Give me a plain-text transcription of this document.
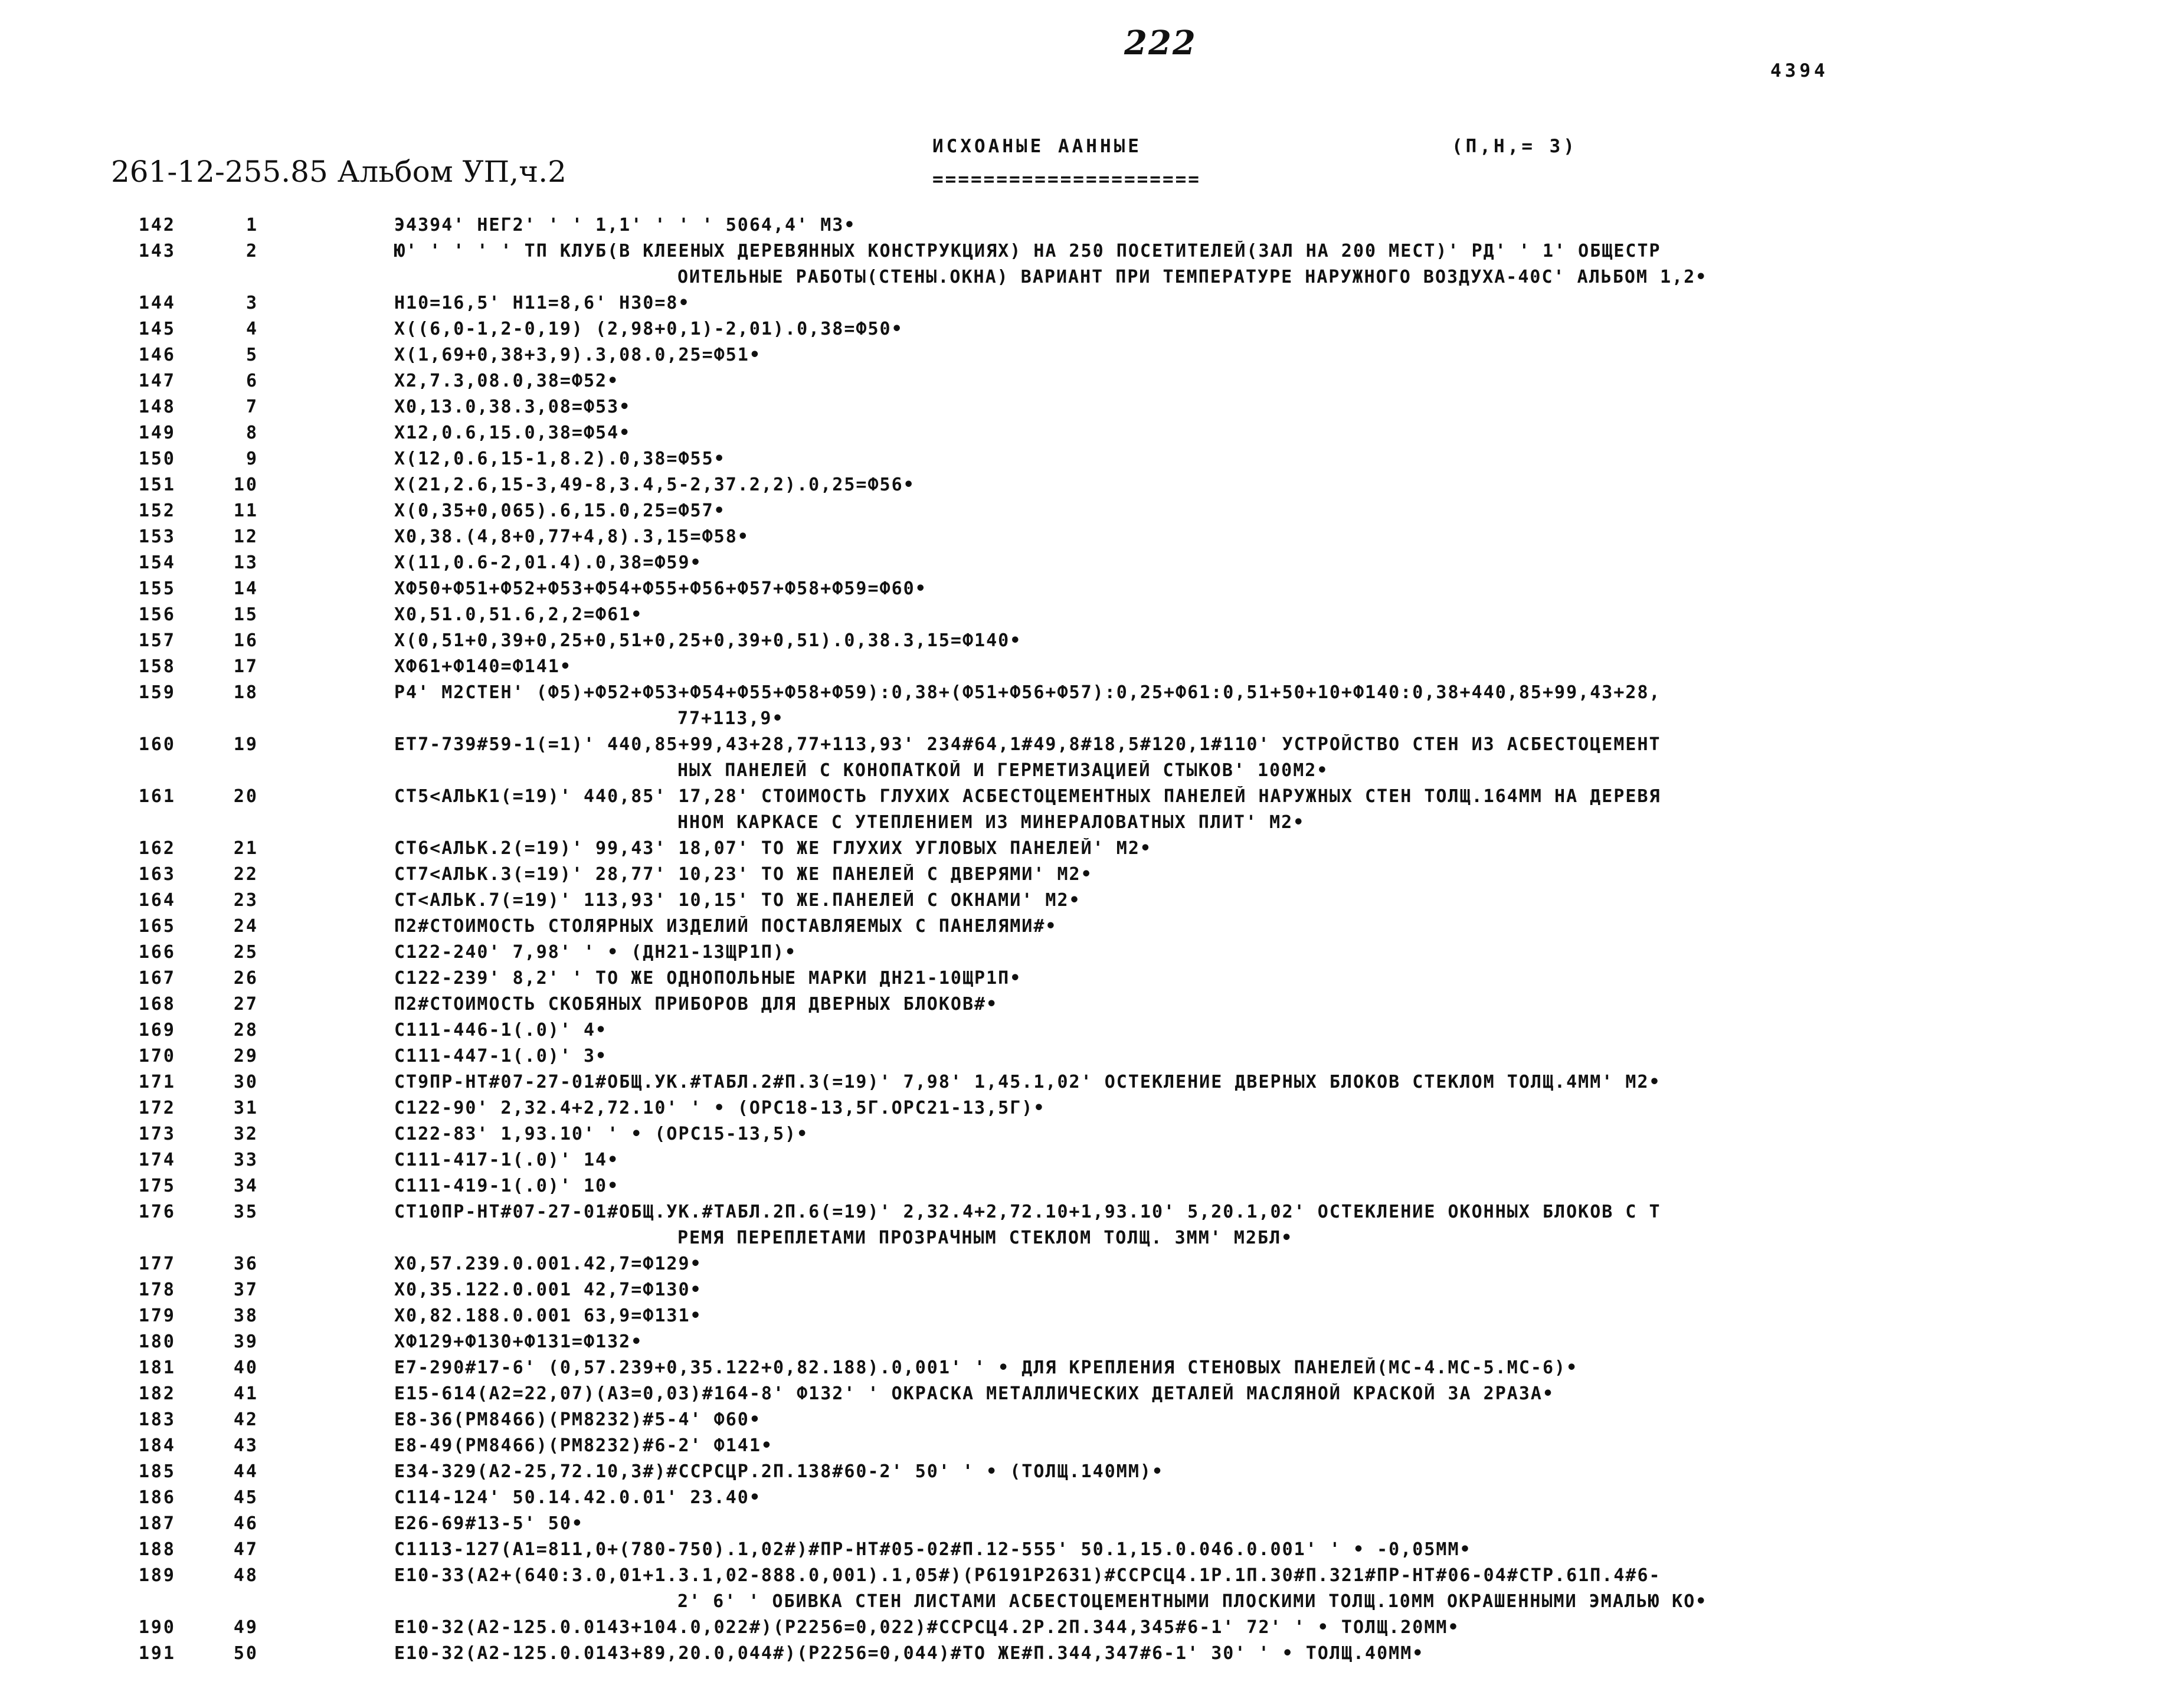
222
4394
261-12-255.85 Альбом УП,ч.2
ИСХОАНЫЕ ААННЫЕ
=====================
(П,Н,= 3)
142	1	Э4394' НЕГ2' ' ' 1,1' ' ' ' 5064,4' М3•
143	2	Ю' ' ' ' ' ТП КЛУБ(В КЛЕЕНЫХ ДЕРЕВЯННЫХ КОНСТРУКЦИЯХ) НА 250 ПОСЕТИТЕЛЕЙ(ЗАЛ НА 200 МЕСТ)' РД' ' 1' ОБЩЕСТР
ОИТЕЛЬНЫЕ РАБОТЫ(СТЕНЫ.ОКНА) ВАРИАНТ ПРИ ТЕМПЕРАТУРЕ НАРУЖНОГО ВОЗДУХА-40С' АЛЬБОМ 1,2•
144	3	Н10=16,5' Н11=8,6' Н30=8•
145	4	Х((6,0-1,2-0,19) (2,98+0,1)-2,01).0,38=Ф50•
146	5	Х(1,69+0,38+3,9).3,08.0,25=Ф51•
147	6	Х2,7.3,08.0,38=Ф52•
148	7	Х0,13.0,38.3,08=Ф53•
149	8	Х12,0.6,15.0,38=Ф54•
150	9	Х(12,0.6,15-1,8.2).0,38=Ф55•
151	10	Х(21,2.6,15-3,49-8,3.4,5-2,37.2,2).0,25=Ф56•
152	11	Х(0,35+0,065).6,15.0,25=Ф57•
153	12	Х0,38.(4,8+0,77+4,8).3,15=Ф58•
154	13	Х(11,0.6-2,01.4).0,38=Ф59•
155	14	ХФ50+Ф51+Ф52+Ф53+Ф54+Ф55+Ф56+Ф57+Ф58+Ф59=Ф60•
156	15	Х0,51.0,51.6,2,2=Ф61•
157	16	Х(0,51+0,39+0,25+0,51+0,25+0,39+0,51).0,38.3,15=Ф140•
158	17	ХФ61+Ф140=Ф141•
159	18	Р4' М2СТЕН' (Ф5)+Ф52+Ф53+Ф54+Ф55+Ф58+Ф59):0,38+(Ф51+Ф56+Ф57):0,25+Ф61:0,51+50+10+Ф140:0,38+440,85+99,43+28,
77+113,9•
160	19	ЕТ7-739#59-1(=1)' 440,85+99,43+28,77+113,93' 234#64,1#49,8#18,5#120,1#110' УСТРОЙСТВО СТЕН ИЗ АСБЕСТОЦЕМЕНТ
НЫХ ПАНЕЛЕЙ С КОНОПАТКОЙ И ГЕРМЕТИЗАЦИЕЙ СТЫКОВ' 100М2•
161	20	СТ5<АЛЬК1(=19)' 440,85' 17,28' СТОИМОСТЬ ГЛУХИХ АСБЕСТОЦЕМЕНТНЫХ ПАНЕЛЕЙ НАРУЖНЫХ СТЕН ТОЛЩ.164ММ НА ДЕРЕВЯ
ННОМ КАРКАСЕ С УТЕПЛЕНИЕМ ИЗ МИНЕРАЛОВАТНЫХ ПЛИТ' М2•
162	21	СТ6<АЛЬК.2(=19)' 99,43' 18,07' ТО ЖЕ ГЛУХИХ УГЛОВЫХ ПАНЕЛЕЙ' М2•
163	22	СТ7<АЛЬК.3(=19)' 28,77' 10,23' ТО ЖЕ ПАНЕЛЕЙ С ДВЕРЯМИ' М2•
164	23	СТ<АЛЬК.7(=19)' 113,93' 10,15' ТО ЖЕ.ПАНЕЛЕЙ С ОКНАМИ' М2•
165	24	П2#СТОИМОСТЬ СТОЛЯРНЫХ ИЗДЕЛИЙ ПОСТАВЛЯЕМЫХ С ПАНЕЛЯМИ#•
166	25	С122-240' 7,98' ' • (ДН21-13ЩР1П)•
167	26	С122-239' 8,2' ' ТО ЖЕ ОДНОПОЛЬНЫЕ МАРКИ ДН21-10ЩР1П•
168	27	П2#СТОИМОСТЬ СКОБЯНЫХ ПРИБОРОВ ДЛЯ ДВЕРНЫХ БЛОКОВ#•
169	28	С111-446-1(.0)' 4•
170	29	С111-447-1(.0)' 3•
171	30	СТ9ПР-НТ#07-27-01#ОБЩ.УК.#ТАБЛ.2#П.3(=19)' 7,98' 1,45.1,02' ОСТЕКЛЕНИЕ ДВЕРНЫХ БЛОКОВ СТЕКЛОМ ТОЛЩ.4ММ' М2•
172	31	С122-90' 2,32.4+2,72.10' ' • (ОРС18-13,5Г.ОРС21-13,5Г)•
173	32	С122-83' 1,93.10' ' • (ОРС15-13,5)•
174	33	С111-417-1(.0)' 14•
175	34	С111-419-1(.0)' 10•
176	35	СТ10ПР-НТ#07-27-01#ОБЩ.УК.#ТАБЛ.2П.6(=19)' 2,32.4+2,72.10+1,93.10' 5,20.1,02' ОСТЕКЛЕНИЕ ОКОННЫХ БЛОКОВ С Т
РЕМЯ ПЕРЕПЛЕТАМИ ПРОЗРАЧНЫМ СТЕКЛОМ ТОЛЩ. 3ММ' М2БЛ•
177	36	Х0,57.239.0.001.42,7=Ф129•
178	37	Х0,35.122.0.001 42,7=Ф130•
179	38	Х0,82.188.0.001 63,9=Ф131•
180	39	ХФ129+Ф130+Ф131=Ф132•
181	40	Е7-290#17-6' (0,57.239+0,35.122+0,82.188).0,001' ' • ДЛЯ КРЕПЛЕНИЯ СТЕНОВЫХ ПАНЕЛЕЙ(МС-4.МС-5.МС-6)•
182	41	Е15-614(А2=22,07)(А3=0,03)#164-8' Ф132' ' ОКРАСКА МЕТАЛЛИЧЕСКИХ ДЕТАЛЕЙ МАСЛЯНОЙ КРАСКОЙ ЗА 2РАЗА•
183	42	Е8-36(РМ8466)(РМ8232)#5-4' Ф60•
184	43	Е8-49(РМ8466)(РМ8232)#6-2' Ф141•
185	44	Е34-329(А2-25,72.10,3#)#ССРСЦР.2П.138#60-2' 50' ' • (ТОЛЩ.140ММ)•
186	45	С114-124' 50.14.42.0.01' 23.40•
187	46	Е26-69#13-5' 50•
188	47	С1113-127(А1=811,0+(780-750).1,02#)#ПР-НТ#05-02#П.12-555' 50.1,15.0.046.0.001' ' • -0,05ММ•
189	48	Е10-33(А2+(640:3.0,01+1.3.1,02-888.0,001).1,05#)(Р6191Р2631)#ССРСЦ4.1Р.1П.30#П.321#ПР-НТ#06-04#СТР.61П.4#6-
2' 6' ' ОБИВКА СТЕН ЛИСТАМИ АСБЕСТОЦЕМЕНТНЫМИ ПЛОСКИМИ ТОЛЩ.10ММ ОКРАШЕННЫМИ ЭМАЛЬЮ КО•
190	49	Е10-32(А2-125.0.0143+104.0,022#)(Р2256=0,022)#ССРСЦ4.2Р.2П.344,345#6-1' 72' ' • ТОЛЩ.20ММ•
191	50	Е10-32(А2-125.0.0143+89,20.0,044#)(Р2256=0,044)#ТО ЖЕ#П.344,347#6-1' 30' ' • ТОЛЩ.40ММ•
